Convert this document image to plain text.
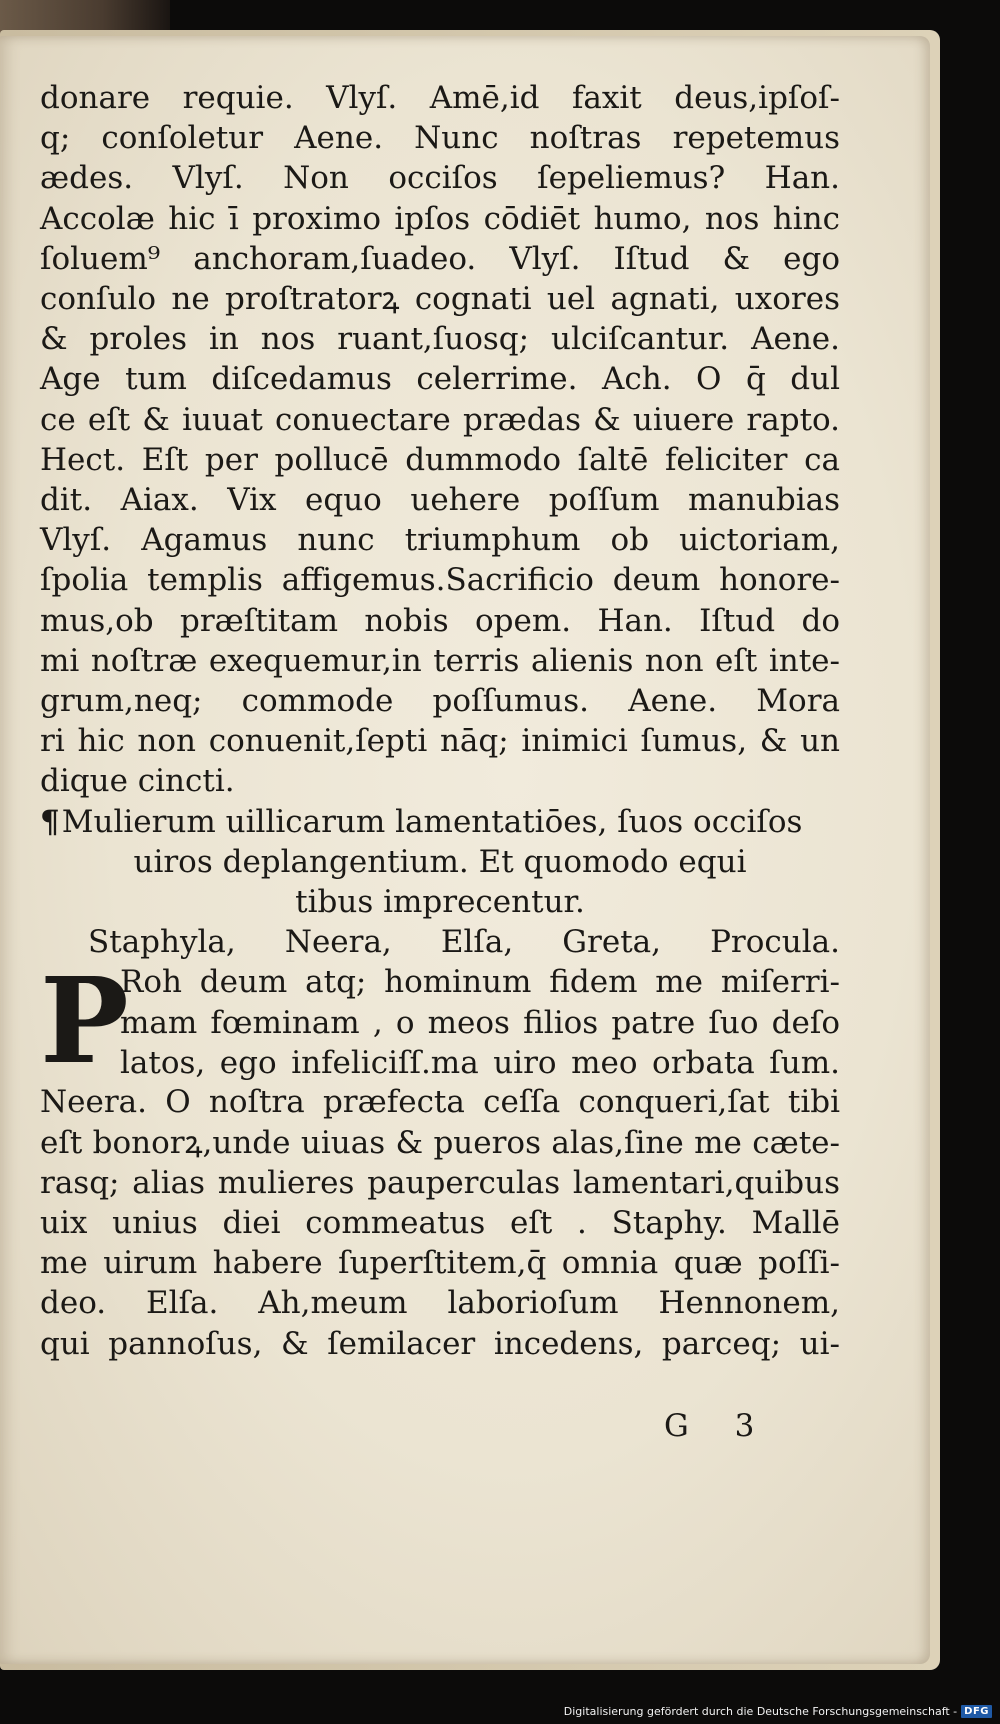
donare requie. Vlyſ. Amē,id faxit deus,ipſoſ-
q; conſoletur Aene. Nunc noſtras repetemus
ædes. Vlyſ. Non occiſos ſepeliemus? Han.
Accolæ hic ī proximo ipſos cōdiēt humo, nos hinc
ſoluem⁹ anchoram,ſuadeo. Vlyſ. Iſtud & ego
conſulo ne proſtratorꝝ cognati uel agnati, uxores
& proles in nos ruant,ſuosq; ulciſcantur. Aene.
Age tum diſcedamus celerrime. Ach. O q̄ dul
ce eſt & iuuat conuectare prædas & uiuere rapto.
Hect. Eſt per pollucē dummodo ſaltē feliciter ca
dit. Aiax. Vix equo uehere poſſum manubias
Vlyſ. Agamus nunc triumphum ob uictoriam,
ſpolia templis affigemus.Sacrificio deum honore-
mus,ob præſtitam nobis opem. Han. Iſtud do
mi noſtræ exequemur,in terris alienis non eſt inte-
grum,neq; commode poſſumus. Aene. Mora
ri hic non conuenit,ſepti nāq; inimici ſumus, & un
dique cincti.
¶Mulierum uillicarum lamentatiōes, ſuos occiſos
uiros deplangentium. Et quomodo equi
tibus imprecentur.
Staphyla, Neera, Elſa, Greta, Procula.
P
Roh deum atq; hominum fidem me miſerri-
mam fœminam , o meos filios patre ſuo deſo
latos, ego infeliciſſ.ma uiro meo orbata ſum.
Neera. O noſtra præfecta ceſſa conqueri,ſat tibi
eſt bonorꝝ,unde uiuas & pueros alas,ſine me cæte-
rasq; alias mulieres pauperculas lamentari,quibus
uix unius diei commeatus eſt . Staphy. Mallē
me uirum habere ſuperſtitem,q̄ omnia quæ poſſi-
deo. Elſa. Ah,meum laborioſum Hennonem,
qui pannoſus, & ſemilacer incedens, parceq; ui-
G 3
Digitalisierung gefördert durch die Deutsche Forschungsgemeinschaft - DFG
